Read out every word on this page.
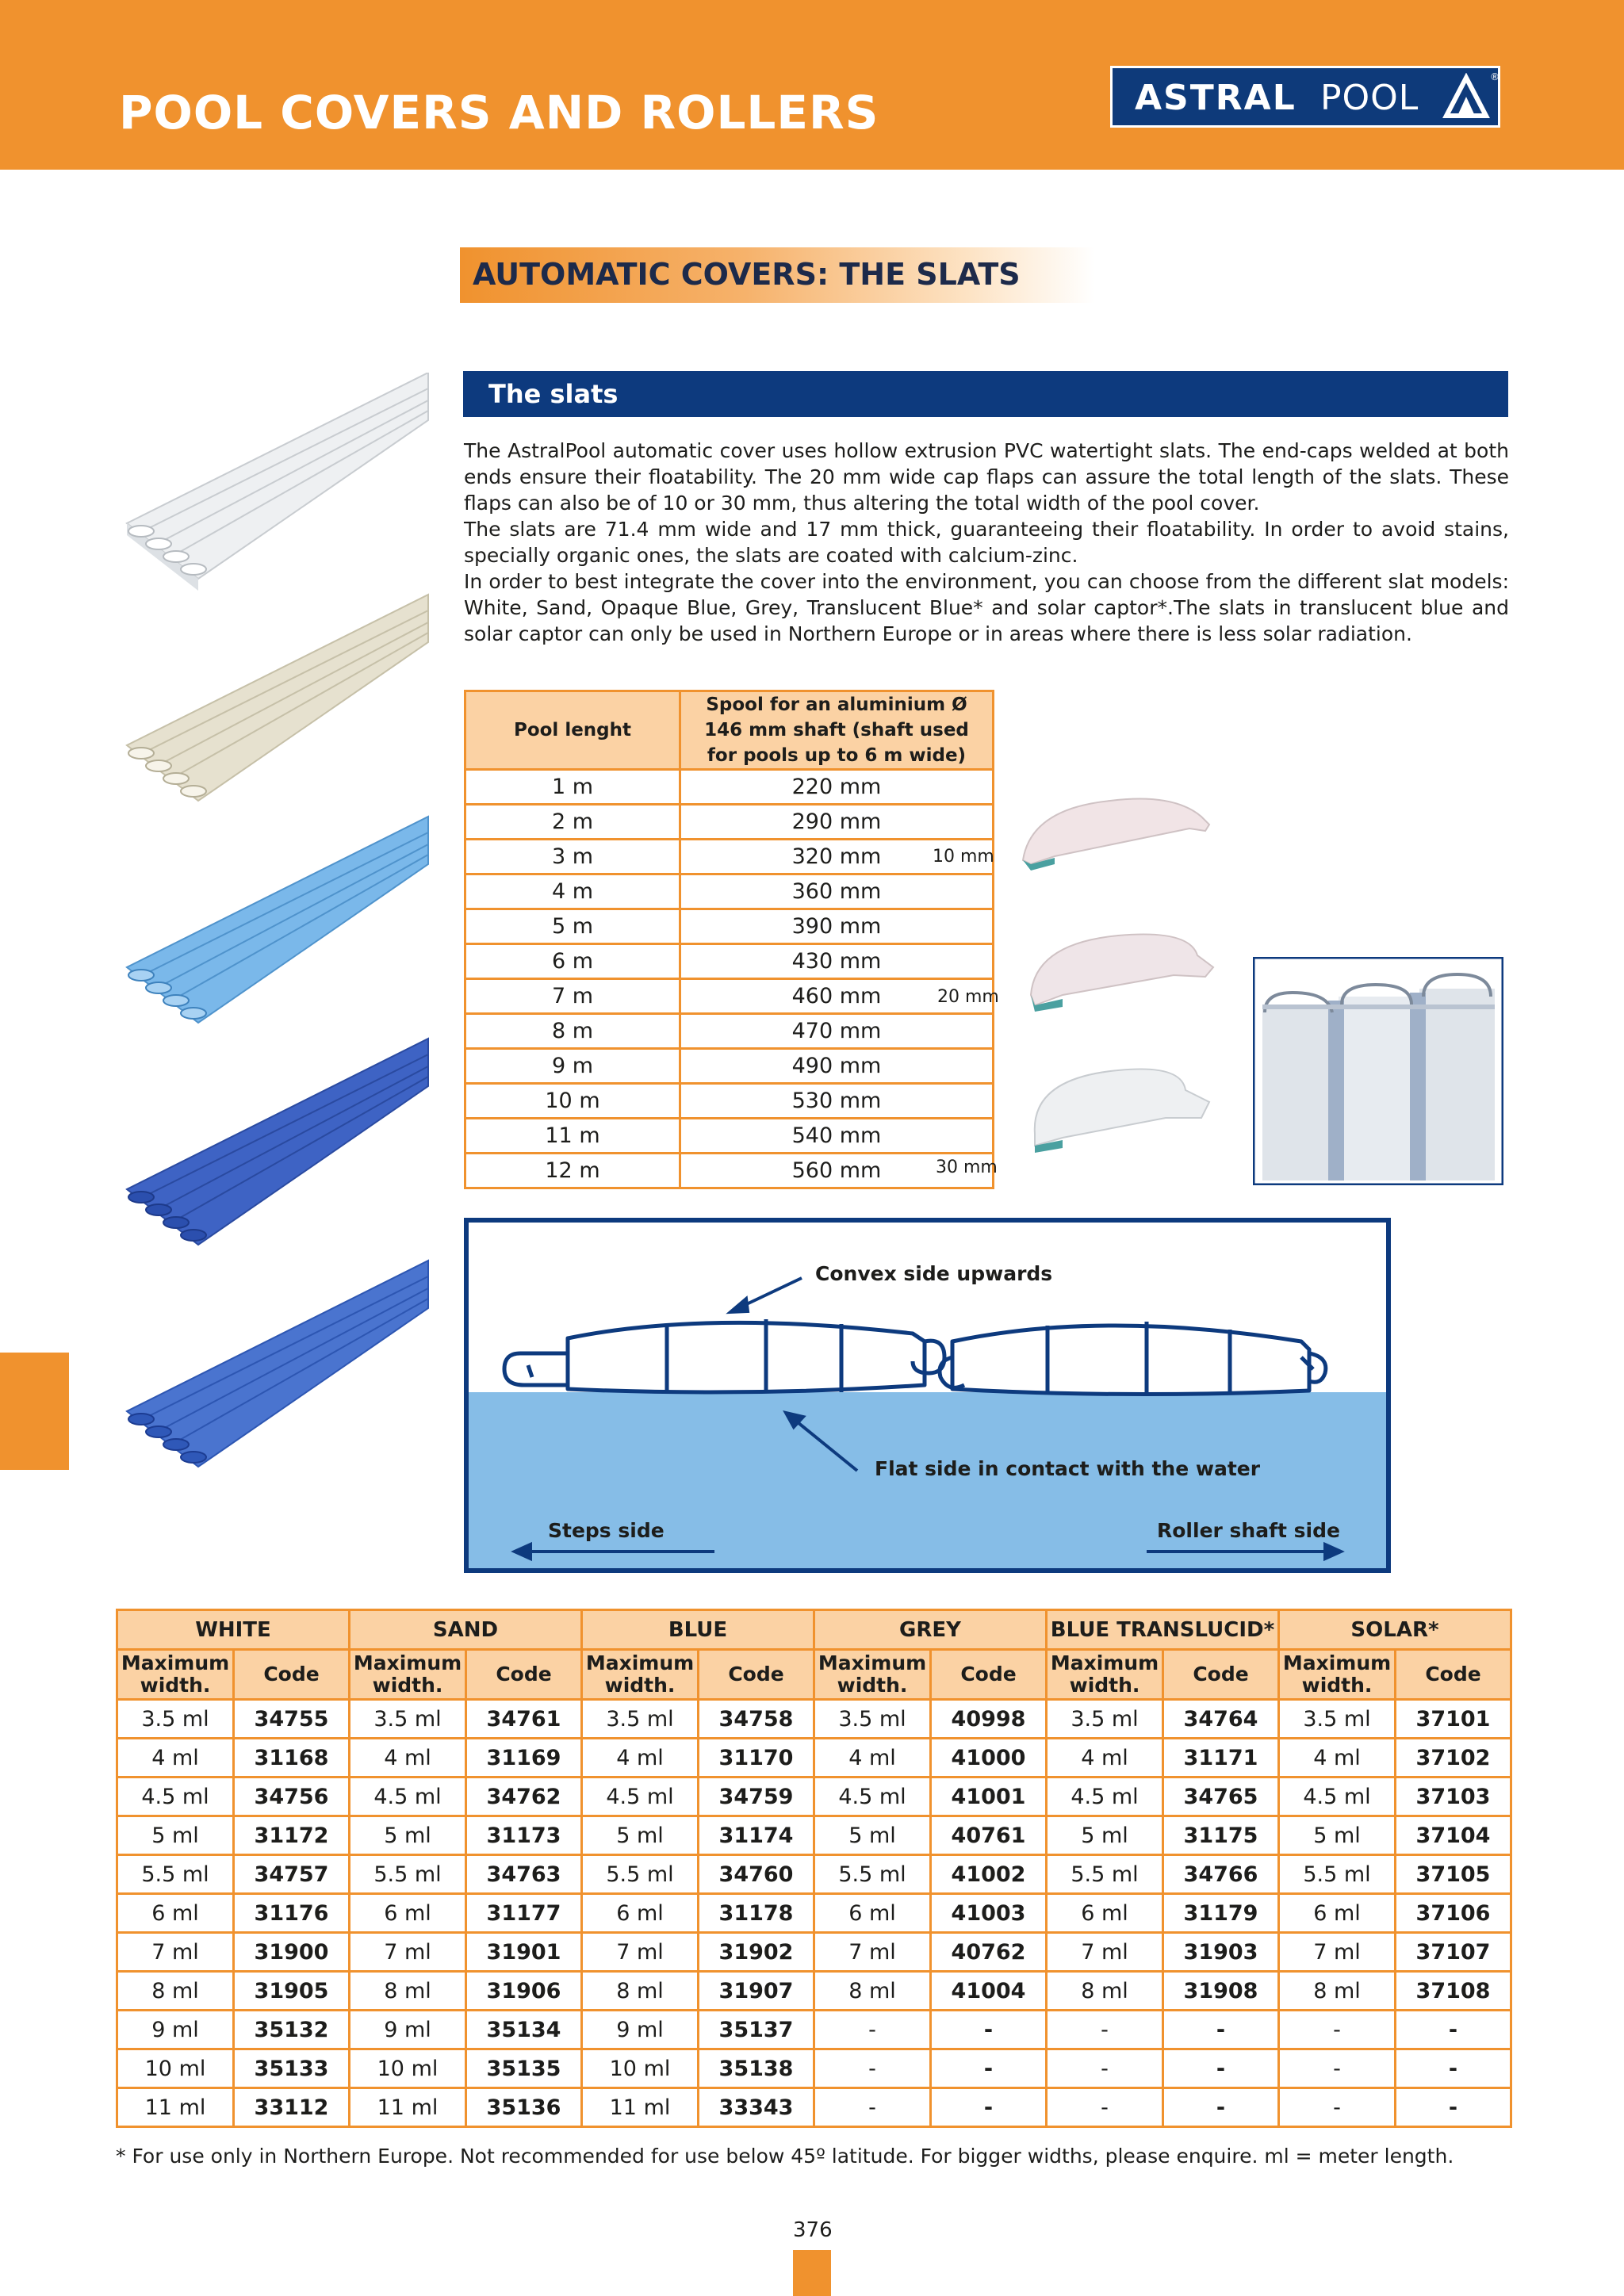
POOL COVERS AND ROLLERS	ASTRAL POOL
®
AUTOMATIC COVERS: THE SLATS
The slats

The AstralPool automatic cover uses hollow extrusion PVC watertight slats. The end-caps welded at both ends ensure their floatability. The 20 mm wide cap flaps can assure the total length of the slats. These flaps can also be of 10 or 30 mm, thus altering the total width of the pool cover.

The slats are 71.4 mm wide and 17 mm thick, guaranteeing their floatability. In order to avoid stains, specially organic ones, the slats are coated with calcium-zinc.

In order to best integrate the cover into the environment, you can choose from the different slat models: White, Sand, Opaque Blue, Grey, Translucent Blue* and solar captor*.The slats in translucent blue and solar captor can only be used in Northern Europe or in areas where there is less solar radiation.

Pool lenght	Spool for an aluminium Ø 146 mm shaft (shaft used for pools up to 6 m wide)
1 m	220 mm
2 m	290 mm
3 m	320 mm
4 m	360 mm
5 m	390 mm
6 m	430 mm
7 m	460 mm
8 m	470 mm
9 m	490 mm
10 m	530 mm
11 m	540 mm
12 m	560 mm
10 mm
20 mm
30 mm
Convex side upwards
Flat side in contact with the water
Steps side	Roller shaft side
WHITE		SAND		BLUE		GREY		BLUE TRANSLUCID*		SOLAR*	
Maximum width.	Code	Maximum width.	Code	Maximum width.	Code	Maximum width.	Code	Maximum width.	Code	Maximum width.	Code
3.5 ml	34755	3.5 ml	34761	3.5 ml	34758	3.5 ml	40998	3.5 ml	34764	3.5 ml	37101
4 ml	31168	4 ml	31169	4 ml	31170	4 ml	41000	4 ml	31171	4 ml	37102
4.5 ml	34756	4.5 ml	34762	4.5 ml	34759	4.5 ml	41001	4.5 ml	34765	4.5 ml	37103
5 ml	31172	5 ml	31173	5 ml	31174	5 ml	40761	5 ml	31175	5 ml	37104
5.5 ml	34757	5.5 ml	34763	5.5 ml	34760	5.5 ml	41002	5.5 ml	34766	5.5 ml	37105
6 ml	31176	6 ml	31177	6 ml	31178	6 ml	41003	6 ml	31179	6 ml	37106
7 ml	31900	7 ml	31901	7 ml	31902	7 ml	40762	7 ml	31903	7 ml	37107
8 ml	31905	8 ml	31906	8 ml	31907	8 ml	41004	8 ml	31908	8 ml	37108
9 ml	35132	9 ml	35134	9 ml	35137	-	-	-	-	-	-
10 ml	35133	10 ml	35135	10 ml	35138	-	-	-	-	-	-
11 ml	33112	11 ml	35136	11 ml	33343	-	-	-	-	-	-
* For use only in Northern Europe. Not recommended for use below 45º latitude. For bigger widths, please enquire. ml = meter length.
376
